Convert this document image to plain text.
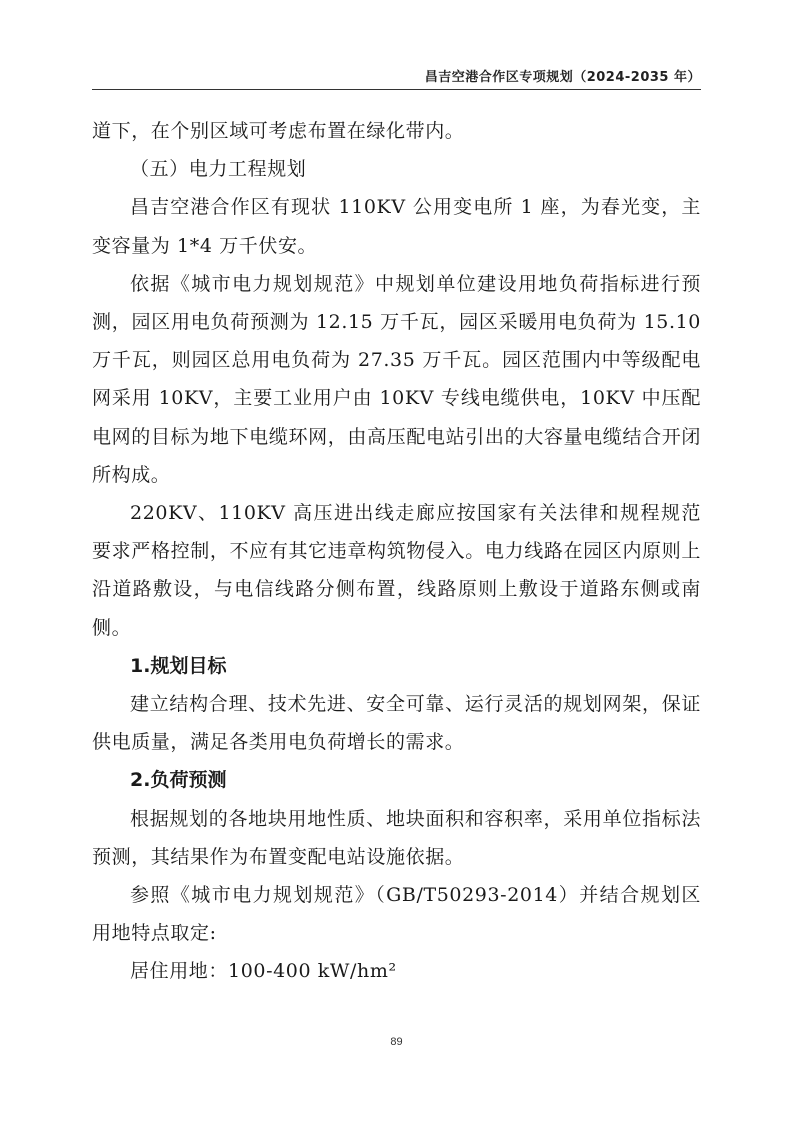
昌吉空港合作区专项规划（2024-2035 年）

道下，在个别区域可考虑布置在绿化带内。

（五）电力工程规划

昌吉空港合作区有现状 110KV 公用变电所 1 座，为春光变，主变容量为 1*4 万千伏安。

依据《城市电力规划规范》中规划单位建设用地负荷指标进行预测，园区用电负荷预测为 12.15 万千瓦，园区采暖用电负荷为 15.10 万千瓦，则园区总用电负荷为 27.35 万千瓦。园区范围内中等级配电网采用 10KV，主要工业用户由 10KV 专线电缆供电，10KV 中压配电网的目标为地下电缆环网，由高压配电站引出的大容量电缆结合开闭所构成。

220KV、110KV 高压进出线走廊应按国家有关法律和规程规范要求严格控制，不应有其它违章构筑物侵入。电力线路在园区内原则上沿道路敷设，与电信线路分侧布置，线路原则上敷设于道路东侧或南侧。

1.规划目标

建立结构合理、技术先进、安全可靠、运行灵活的规划网架，保证供电质量，满足各类用电负荷增长的需求。

2.负荷预测

根据规划的各地块用地性质、地块面积和容积率，采用单位指标法预测，其结果作为布置变配电站设施依据。

参照《城市电力规划规范》（GB/T50293-2014）并结合规划区用地特点取定:

居住用地：100-400 kW/hm²

89
